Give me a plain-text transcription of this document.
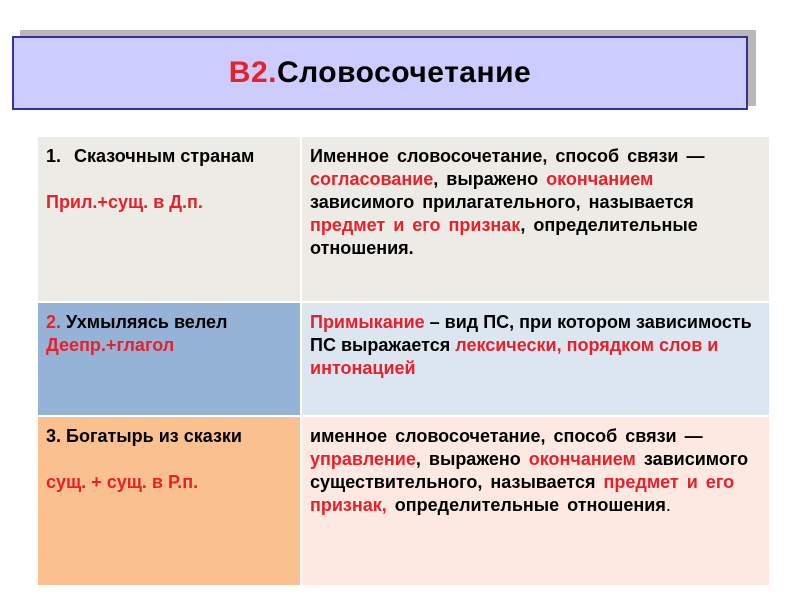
В2. Словосочетание
1. Сказочным странам
Прил.+сущ. в Д.п.
Именное словосочетание, способ связи — согласование, выражено окончанием зависимого прилагательного, называется предмет и его признак, определительные отношения.
2. Ухмыляясь велел
Деепр.+глагол
Примыкание – вид ПС, при котором зависимость ПС выражается лексически, порядком слов и интонацией
3. Богатырь из сказки
сущ. + сущ. в Р.п.
именное словосочетание, способ связи — управление, выражено окончанием зависимого существительного, называется предмет и его признак, определительные отношения.
